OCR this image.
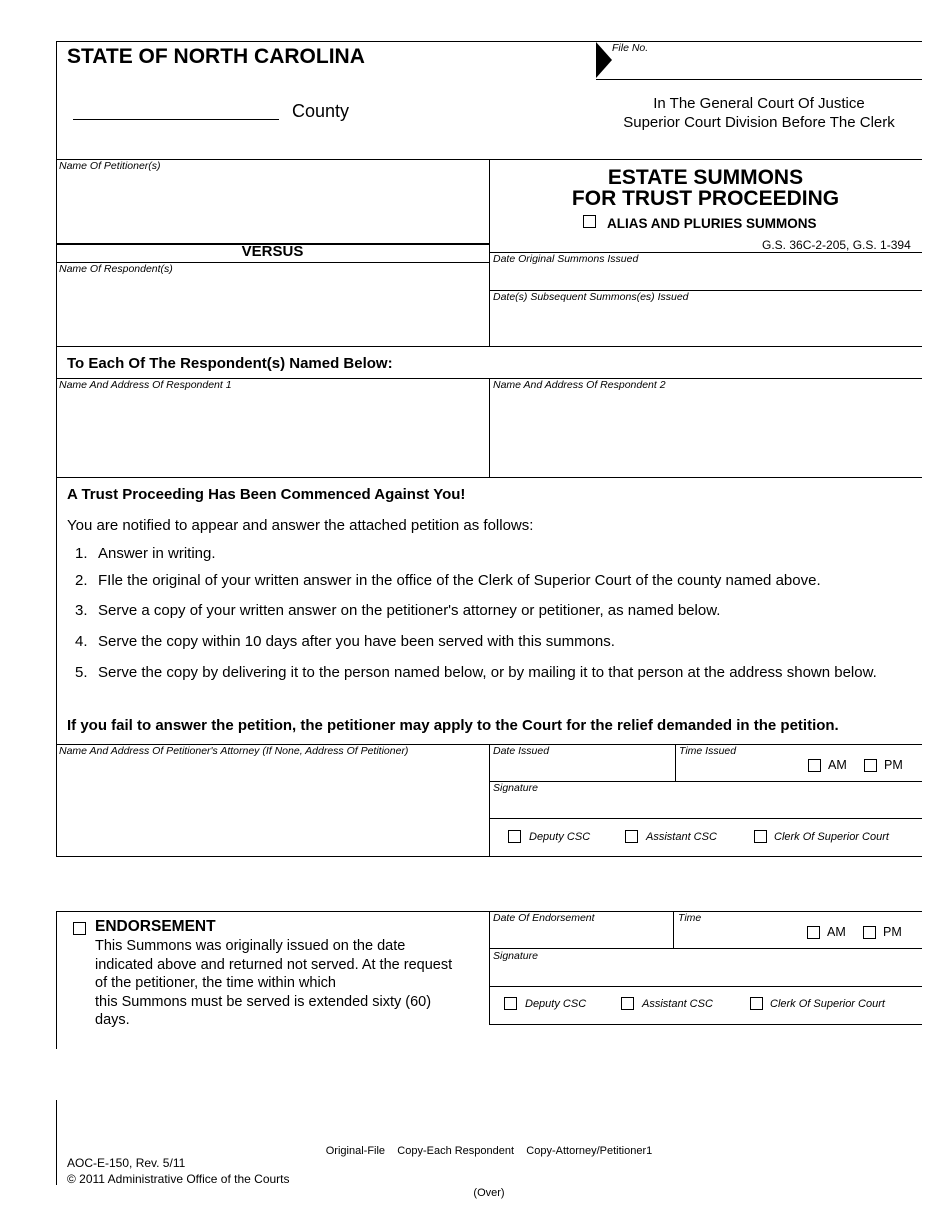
STATE OF NORTH CAROLINA
County
File No.
In The General Court Of Justice
Superior Court Division Before The Clerk
Name Of Petitioner(s)
VERSUS
Name Of Respondent(s)
ESTATE SUMMONS
FOR TRUST PROCEEDING
ALIAS AND PLURIES SUMMONS
G.S. 36C-2-205, G.S. 1-394
Date Original Summons Issued
Date(s) Subsequent Summons(es) Issued
To Each Of The Respondent(s) Named Below:
Name And Address Of Respondent 1	Name And Address Of Respondent 2
A Trust Proceeding Has Been Commenced Against You!
You are notified to appear and answer the attached petition as follows:
1. Answer in writing.
2. FIle the original of your written answer in the office of the Clerk of Superior Court of the county named above.
3. Serve a copy of your written answer on the petitioner's attorney or petitioner, as named below.
4. Serve the copy within 10 days after you have been served with this summons.
5. Serve the copy by delivering it to the person named below, or by mailing it to that person at the address shown below.
If you fail to answer the petition, the petitioner may apply to the Court for the relief demanded in the petition.
Name And Address Of Petitioner's Attorney (If None, Address Of Petitioner)	Date Issued	Time Issued
AM	PM
Signature
Deputy CSC	Assistant CSC	Clerk Of Superior Court
ENDORSEMENT
This Summons was originally issued on the date
indicated above and returned not served. At the request
of the petitioner, the time within which
this Summons must be served is extended sixty (60)
days.
Date Of Endorsement	Time
AM	PM
Signature
Deputy CSC	Assistant CSC	Clerk Of Superior Court

Original-File    Copy-Each Respondent    Copy-Attorney/Petitioner1

(Over)

AOC-E-150, Rev. 5/11
© 2011 Administrative Office of the Courts
